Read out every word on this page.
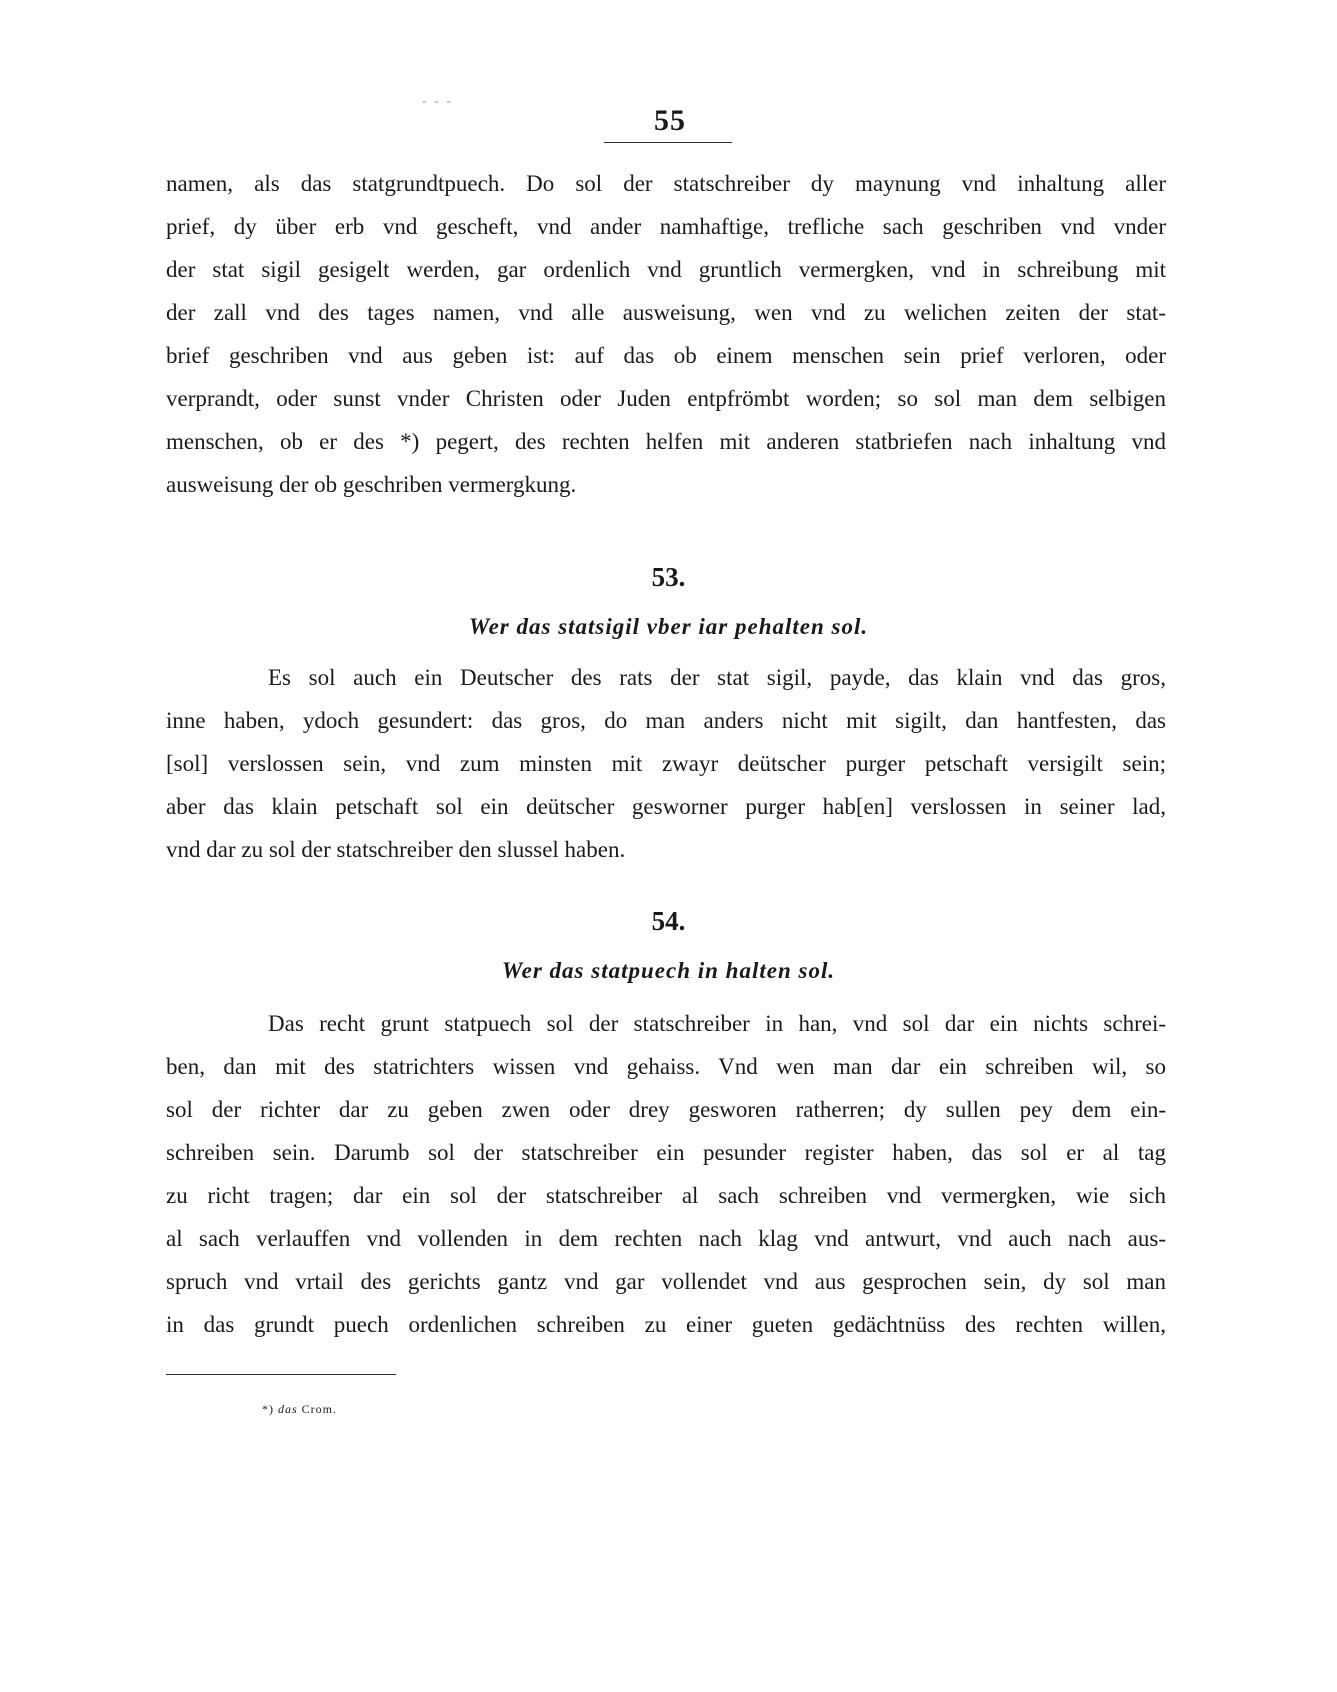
- - -
55
namen, als das statgrundtpuech. Do sol der statschreiber dy maynung vnd inhaltung aller
prief, dy über erb vnd gescheft, vnd ander namhaftige, trefliche sach geschriben vnd vnder
der stat sigil gesigelt werden, gar ordenlich vnd gruntlich vermergken, vnd in schreibung mit
der zall vnd des tages namen, vnd alle ausweisung, wen vnd zu welichen zeiten der stat-
brief geschriben vnd aus geben ist: auf das ob einem menschen sein prief verloren, oder
verprandt, oder sunst vnder Christen oder Juden entpfrömbt worden; so sol man dem selbigen
menschen, ob er des *) pegert, des rechten helfen mit anderen statbriefen nach inhaltung vnd
ausweisung der ob geschriben vermergkung.
53.
Wer das statsigil vber iar pehalten sol.
Es sol auch ein Deutscher des rats der stat sigil, payde, das klain vnd das gros,
inne haben, ydoch gesundert: das gros, do man anders nicht mit sigilt, dan hantfesten, das
[sol] verslossen sein, vnd zum minsten mit zwayr deütscher purger petschaft versigilt sein;
aber das klain petschaft sol ein deütscher gesworner purger hab[en] verslossen in seiner lad,
vnd dar zu sol der statschreiber den slussel haben.
54.
Wer das statpuech in halten sol.
Das recht grunt statpuech sol der statschreiber in han, vnd sol dar ein nichts schrei-
ben, dan mit des statrichters wissen vnd gehaiss. Vnd wen man dar ein schreiben wil, so
sol der richter dar zu geben zwen oder drey gesworen ratherren; dy sullen pey dem ein-
schreiben sein. Darumb sol der statschreiber ein pesunder register haben, das sol er al tag
zu richt tragen; dar ein sol der statschreiber al sach schreiben vnd vermergken, wie sich
al sach verlauffen vnd vollenden in dem rechten nach klag vnd antwurt, vnd auch nach aus-
spruch vnd vrtail des gerichts gantz vnd gar vollendet vnd aus gesprochen sein, dy sol man
in das grundt puech ordenlichen schreiben zu einer gueten gedächtnüss des rechten willen,
*) das Crom.
